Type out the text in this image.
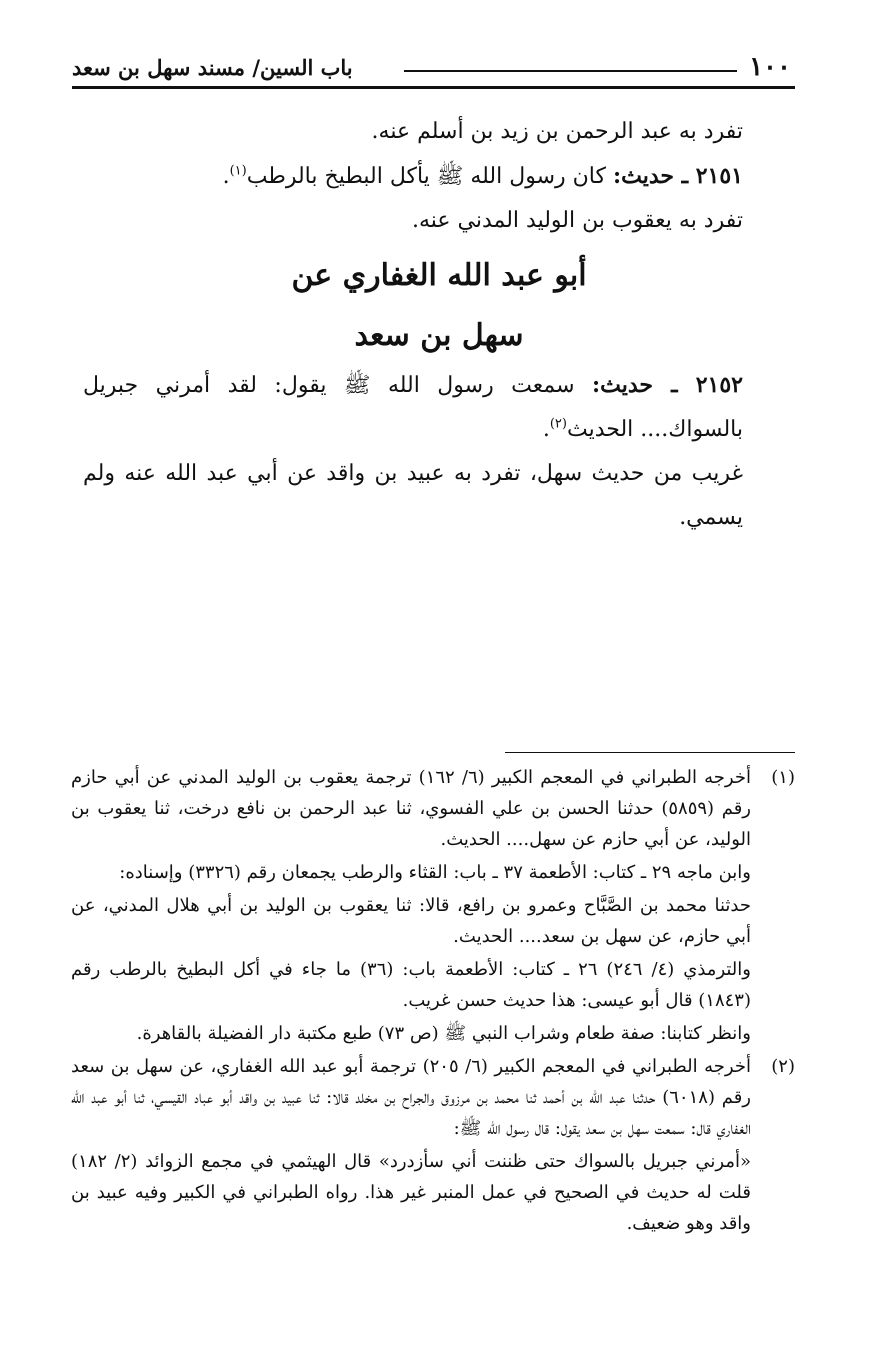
١٠٠
باب السين/ مسند سهل بن سعد

تفرد به عبد الرحمن بن زيد بن أسلم عنه.

٢١٥١ ـ حديث: كان رسول الله ﷺ يأكل البطيخ بالرطب$^{(١)}$.

تفرد به يعقوب بن الوليد المدني عنه.

أبو عبد الله الغفاري عن
سهل بن سعد

٢١٥٢ ـ حديث: سمعت رسول الله ﷺ يقول: لقد أمرني جبريل بالسواك.... الحديث$^{(٢)}$.

غريب من حديث سهل، تفرد به عبيد بن واقد عن أبي عبد الله عنه ولم يسمي.

(١)

أخرجه الطبراني في المعجم الكبير (٦/ ١٦٢) ترجمة يعقوب بن الوليد المدني عن أبي حازم رقم (٥٨٥٩) حدثنا الحسن بن علي الفسوي، ثنا عبد الرحمن بن نافع درخت، ثنا يعقوب بن الوليد، عن أبي حازم عن سهل.... الحديث.

وابن ماجه ٢٩ ـ كتاب: الأطعمة ٣٧ ـ باب: القثاء والرطب يجمعان رقم (٣٣٢٦) وإسناده:

حدثنا محمد بن الصَّبَّاح وعمرو بن رافع، قالا: ثنا يعقوب بن الوليد بن أبي هلال المدني، عن أبي حازم، عن سهل بن سعد.... الحديث.

والترمذي (٤/ ٢٤٦) ٢٦ ـ كتاب: الأطعمة باب: (٣٦) ما جاء في أكل البطيخ بالرطب رقم (١٨٤٣) قال أبو عيسى: هذا حديث حسن غريب.

وانظر كتابنا: صفة طعام وشراب النبي ﷺ (ص ٧٣) طبع مكتبة دار الفضيلة بالقاهرة.

(٢)

أخرجه الطبراني في المعجم الكبير (٦/ ٢٠٥) ترجمة أبو عبد الله الغفاري، عن سهل بن سعد رقم (٦٠١٨) حدثنا عبد الله بن أحمد ثنا محمد بن مرزوق والجراح بن مخلد قالا: ثنا عبيد بن واقد أبو عباد القيسي، ثنا أبو عبد الله الغفاري قال: سمعت سهل بن سعد يقول: قال رسول الله ﷺ:

«أمرني جبريل بالسواك حتى ظننت أني سأزدرد» قال الهيثمي في مجمع الزوائد (٢/ ١٨٢) قلت له حديث في الصحيح في عمل المنبر غير هذا. رواه الطبراني في الكبير وفيه عبيد بن واقد وهو ضعيف.
